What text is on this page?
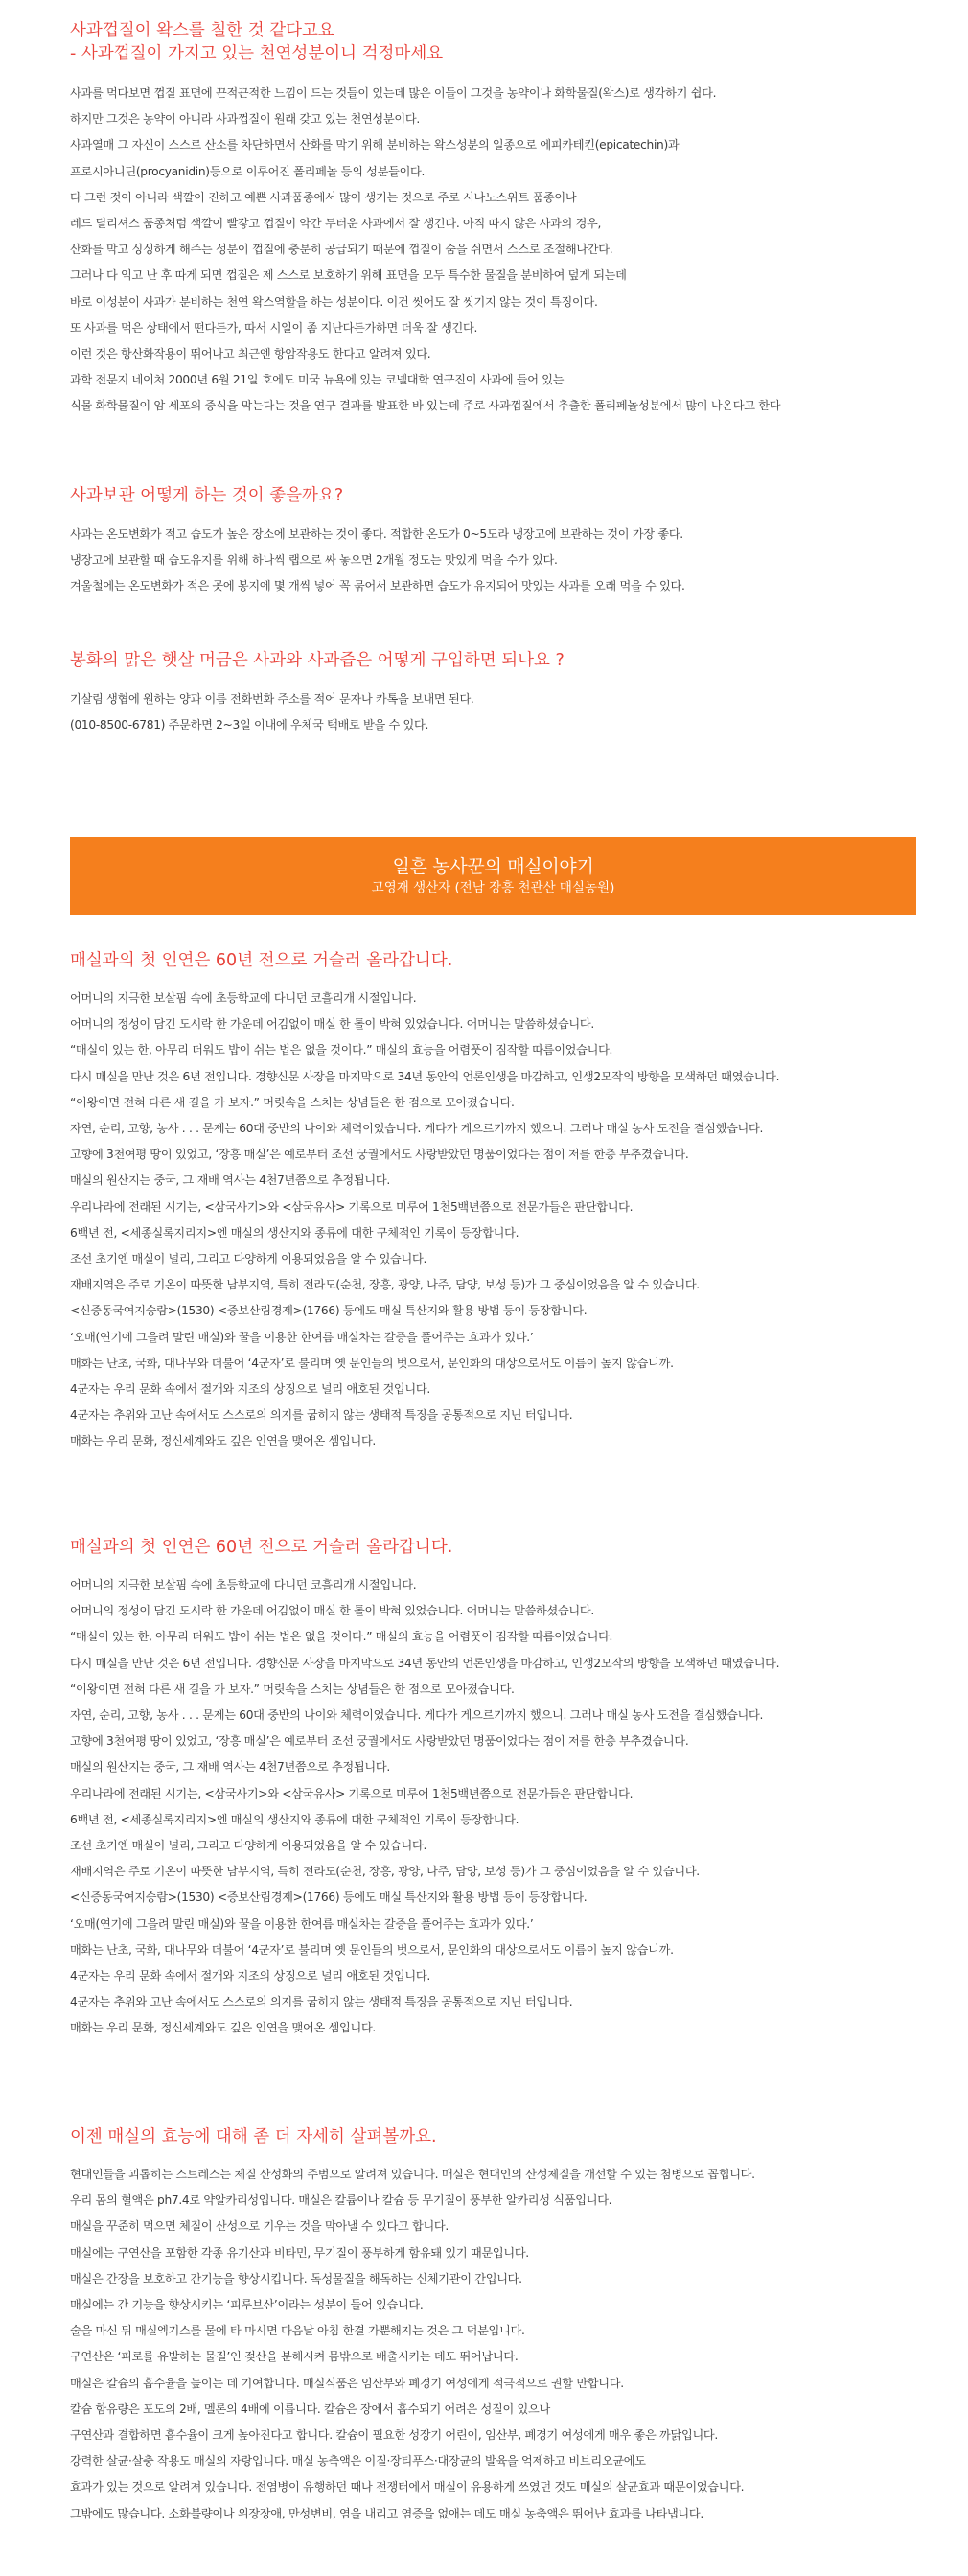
사과껍질이 왁스를 칠한 것 같다고요
- 사과껍질이 가지고 있는 천연성분이니 걱정마세요

사과를 먹다보면 껍질 표면에 끈적끈적한 느낌이 드는 것들이 있는데 많은 이들이 그것을 농약이나 화학물질(왁스)로 생각하기 쉽다.

하지만 그것은 농약이 아니라 사과껍질이 원래 갖고 있는 천연성분이다.

사과열매 그 자신이 스스로 산소를 차단하면서 산화를 막기 위해 분비하는 왁스성분의 일종으로 에피카테킨(epicatechin)과

프로시아니딘(procyanidin)등으로 이루어진 폴리페놀 등의 성분들이다.

다 그런 것이 아니라 색깔이 진하고 예쁜 사과품종에서 많이 생기는 것으로 주로 시나노스위트 품종이나

레드 딜리셔스 품종처럼 색깔이 빨갛고 껍질이 약간 두터운 사과에서 잘 생긴다. 아직 따지 않은 사과의 경우,

산화를 막고 싱싱하게 해주는 성분이 껍질에 충분히 공급되기 때문에 껍질이 숨을 쉬면서 스스로 조절해나간다.

그러나 다 익고 난 후 따게 되면 껍질은 제 스스로 보호하기 위해 표면을 모두 특수한 물질을 분비하여 덮게 되는데

바로 이성분이 사과가 분비하는 천연 왁스역할을 하는 성분이다. 이건 씻어도 잘 씻기지 않는 것이 특징이다.

또 사과를 먹은 상태에서 떤다든가, 따서 시일이 좀 지난다든가하면 더욱 잘 생긴다.

이런 것은 항산화작용이 뛰어나고 최근엔 항암작용도 한다고 알려져 있다.

과학 전문지 네이처 2000년 6월 21일 호에도 미국 뉴욕에 있는 코넬대학 연구진이 사과에 들어 있는

식물 화학물질이 암 세포의 증식을 막는다는 것을 연구 결과를 발표한 바 있는데 주로 사과껍질에서 추출한 폴리페놀성분에서 많이 나온다고 한다

사과보관 어떻게 하는 것이 좋을까요?

사과는 온도변화가 적고 습도가 높은 장소에 보관하는 것이 좋다. 적합한 온도가 0~5도라 냉장고에 보관하는 것이 가장 좋다.

냉장고에 보관할 때 습도유지를 위해 하나씩 랩으로 싸 놓으면 2개월 정도는 맛있게 먹을 수가 있다.

겨울철에는 온도변화가 적은 곳에 봉지에 몇 개씩 넣어 꼭 묶어서 보관하면 습도가 유지되어 맛있는 사과를 오래 먹을 수 있다.

봉화의 맑은 햇살 머금은 사과와 사과즙은 어떻게 구입하면 되나요 ?

기살림 생협에 원하는 양과 이름 전화번화 주소를 적어 문자나 카톡을 보내면 된다.

(010-8500-6781) 주문하면 2~3일 이내에 우체국 택배로 받을 수 있다.

일흔 농사꾼의 매실이야기
고영재 생산자 (전남 장흥 천관산 매실농원)
매실과의 첫 인연은 60년 전으로 거슬러 올라갑니다.

어머니의 지극한 보살핌 속에 초등학교에 다니던 코흘리개 시절입니다.

어머니의 정성이 담긴 도시락 한 가운데 어김없이 매실 한 톨이 박혀 있었습니다. 어머니는 말씀하셨습니다.

“매실이 있는 한, 아무리 더워도 밥이 쉬는 법은 없을 것이다.” 매실의 효능을 어렴풋이 짐작할 따름이었습니다.

다시 매실을 만난 것은 6년 전입니다. 경향신문 사장을 마지막으로 34년 동안의 언론인생을 마감하고, 인생2모작의 방향을 모색하던 때였습니다.

“이왕이면 전혀 다른 새 길을 가 보자.” 머릿속을 스치는 상념들은 한 점으로 모아졌습니다.

자연, 순리, 고향, 농사 . . . 문제는 60대 중반의 나이와 체력이었습니다. 게다가 게으르기까지 했으니. 그러나 매실 농사 도전을 결심했습니다.

고향에 3천여평 땅이 있었고, ‘장흥 매실’은 예로부터 조선 궁궐에서도 사랑받았던 명품이었다는 점이 저를 한층 부추겼습니다.

매실의 원산지는 중국, 그 재배 역사는 4천7년쯤으로 추정됩니다.

우리나라에 전래된 시기는, <삼국사기>와 <삼국유사> 기록으로 미루어 1천5백년쯤으로 전문가들은 판단합니다.

6백년 전, <세종실록지리지>엔 매실의 생산지와 종류에 대한 구체적인 기록이 등장합니다.

조선 초기엔 매실이 널리, 그리고 다양하게 이용되었음을 알 수 있습니다.

재배지역은 주로 기온이 따뜻한 남부지역, 특히 전라도(순천, 장흥, 광양, 나주, 담양, 보성 등)가 그 중심이었음을 알 수 있습니다.

<신증동국여지승람>(1530) <증보산림경제>(1766) 등에도 매실 특산지와 활용 방법 등이 등장합니다.

‘오매(연기에 그을려 말린 매실)와 꿀을 이용한 한여름 매실차는 갈증을 풀어주는 효과가 있다.’

매화는 난초, 국화, 대나무와 더불어 ‘4군자’로 불리며 옛 문인들의 벗으로서, 문인화의 대상으로서도 이름이 높지 않습니까.

4군자는 우리 문화 속에서 절개와 지조의 상징으로 널리 애호된 것입니다.

4군자는 추위와 고난 속에서도 스스로의 의지를 굽히지 않는 생태적 특징을 공통적으로 지닌 터입니다.

매화는 우리 문화, 정신세계와도 깊은 인연을 맺어온 셈입니다.

매실과의 첫 인연은 60년 전으로 거슬러 올라갑니다.

어머니의 지극한 보살핌 속에 초등학교에 다니던 코흘리개 시절입니다.

어머니의 정성이 담긴 도시락 한 가운데 어김없이 매실 한 톨이 박혀 있었습니다. 어머니는 말씀하셨습니다.

“매실이 있는 한, 아무리 더워도 밥이 쉬는 법은 없을 것이다.” 매실의 효능을 어렴풋이 짐작할 따름이었습니다.

다시 매실을 만난 것은 6년 전입니다. 경향신문 사장을 마지막으로 34년 동안의 언론인생을 마감하고, 인생2모작의 방향을 모색하던 때였습니다.

“이왕이면 전혀 다른 새 길을 가 보자.” 머릿속을 스치는 상념들은 한 점으로 모아졌습니다.

자연, 순리, 고향, 농사 . . . 문제는 60대 중반의 나이와 체력이었습니다. 게다가 게으르기까지 했으니. 그러나 매실 농사 도전을 결심했습니다.

고향에 3천여평 땅이 있었고, ‘장흥 매실’은 예로부터 조선 궁궐에서도 사랑받았던 명품이었다는 점이 저를 한층 부추겼습니다.

매실의 원산지는 중국, 그 재배 역사는 4천7년쯤으로 추정됩니다.

우리나라에 전래된 시기는, <삼국사기>와 <삼국유사> 기록으로 미루어 1천5백년쯤으로 전문가들은 판단합니다.

6백년 전, <세종실록지리지>엔 매실의 생산지와 종류에 대한 구체적인 기록이 등장합니다.

조선 초기엔 매실이 널리, 그리고 다양하게 이용되었음을 알 수 있습니다.

재배지역은 주로 기온이 따뜻한 남부지역, 특히 전라도(순천, 장흥, 광양, 나주, 담양, 보성 등)가 그 중심이었음을 알 수 있습니다.

<신증동국여지승람>(1530) <증보산림경제>(1766) 등에도 매실 특산지와 활용 방법 등이 등장합니다.

‘오매(연기에 그을려 말린 매실)와 꿀을 이용한 한여름 매실차는 갈증을 풀어주는 효과가 있다.’

매화는 난초, 국화, 대나무와 더불어 ‘4군자’로 불리며 옛 문인들의 벗으로서, 문인화의 대상으로서도 이름이 높지 않습니까.

4군자는 우리 문화 속에서 절개와 지조의 상징으로 널리 애호된 것입니다.

4군자는 추위와 고난 속에서도 스스로의 의지를 굽히지 않는 생태적 특징을 공통적으로 지닌 터입니다.

매화는 우리 문화, 정신세계와도 깊은 인연을 맺어온 셈입니다.

이젠 매실의 효능에 대해 좀 더 자세히 살펴볼까요.

현대인들을 괴롭히는 스트레스는 체질 산성화의 주범으로 알려져 있습니다. 매실은 현대인의 산성체질을 개선할 수 있는 첨병으로 꼽힙니다.

우리 몸의 혈액은 ph7.4로 약알카리성입니다. 매실은 칼륨이나 칼슘 등 무기질이 풍부한 알카리성 식품입니다.

매실을 꾸준히 먹으면 체질이 산성으로 기우는 것을 막아낼 수 있다고 합니다.

매실에는 구연산을 포함한 각종 유기산과 비타민, 무기질이 풍부하게 함유돼 있기 때문입니다.

매실은 간장을 보호하고 간기능을 향상시킵니다. 독성물질을 해독하는 신체기관이 간입니다.

매실에는 간 기능을 향상시키는 ‘피루브산’이라는 성분이 들어 있습니다.

술을 마신 뒤 매실엑기스를 물에 타 마시면 다음날 아침 한결 가뿐해지는 것은 그 덕분입니다.

구연산은 ‘피로를 유발하는 물질’인 젖산을 분해시켜 몸밖으로 배출시키는 데도 뛰어납니다.

매실은 칼슘의 흡수율을 높이는 데 기여합니다. 매실식품은 임산부와 폐경기 여성에게 적극적으로 권할 만합니다.

칼슘 함유량은 포도의 2배, 멜론의 4배에 이릅니다. 칼슘은 장에서 흡수되기 어려운 성질이 있으나

구연산과 결합하면 흡수율이 크게 높아진다고 합니다. 칼슘이 필요한 성장기 어린이, 임산부, 폐경기 여성에게 매우 좋은 까닭입니다.

강력한 살균·살충 작용도 매실의 자랑입니다. 매실 농축액은 이질·장티푸스·대장균의 발육을 억제하고 비브리오균에도

효과가 있는 것으로 알려져 있습니다. 전염병이 유행하던 때나 전쟁터에서 매실이 유용하게 쓰였던 것도 매실의 살균효과 때문이었습니다.

그밖에도 많습니다. 소화불량이나 위장장애, 만성변비, 염을 내리고 염증을 없애는 데도 매실 농축액은 뛰어난 효과를 나타냅니다.
